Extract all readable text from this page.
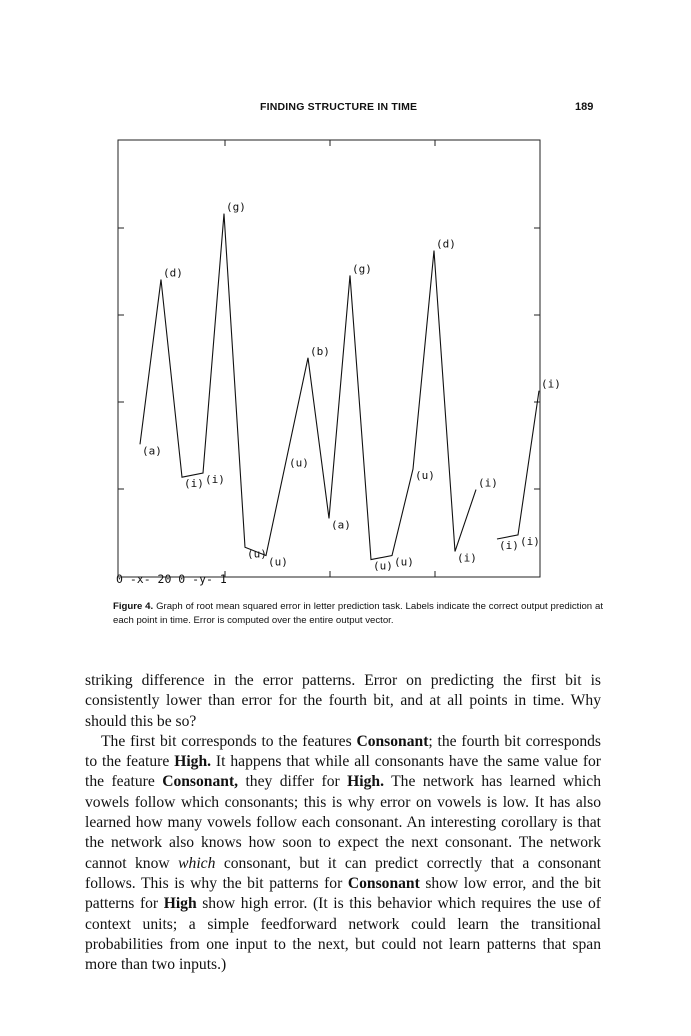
FINDING STRUCTURE IN TIME	189
(a)
(d)
(i) (i)
(g)
(u)
(u)
(u)
(b)
(a)
(g)
(u) (u)
(u)
(d)
(i)
(i)
(i) (i)
(i)
0 -x- 20 0 -y- 1
Figure 4. Graph of root mean squared error in letter prediction task. Labels indicate the correct output prediction at each point in time. Error is computed over the entire output vector.

striking difference in the error patterns. Error on predicting the first bit is consistently lower than error for the fourth bit, and at all points in time. Why should this be so?

The first bit corresponds to the features Consonant; the fourth bit corresponds to the feature High. It happens that while all consonants have the same value for the feature Consonant, they differ for High. The network has learned which vowels follow which consonants; this is why error on vowels is low. It has also learned how many vowels follow each consonant. An interesting corollary is that the network also knows how soon to expect the next consonant. The network cannot know which consonant, but it can predict correctly that a consonant follows. This is why the bit patterns for Consonant show low error, and the bit patterns for High show high error. (It is this behavior which requires the use of context units; a simple feedforward network could learn the transitional probabilities from one input to the next, but could not learn patterns that span more than two inputs.)
